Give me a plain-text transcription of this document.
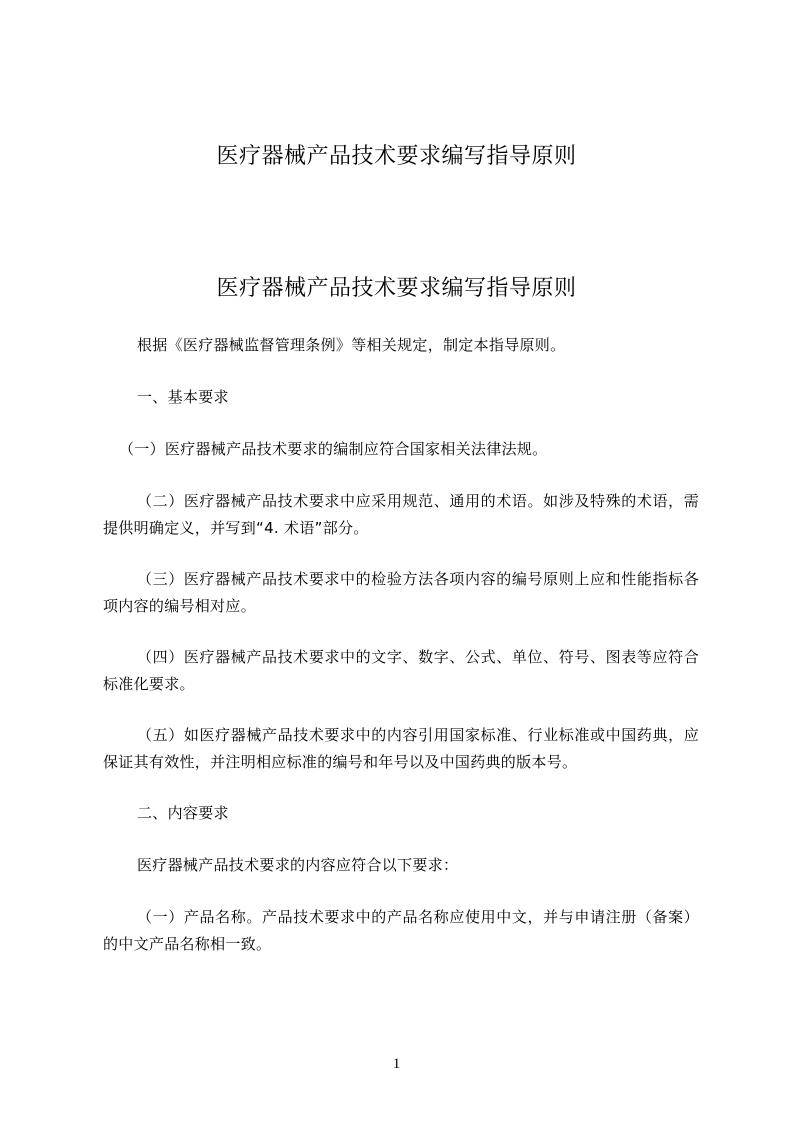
医疗器械产品技术要求编写指导原则
医疗器械产品技术要求编写指导原则

根据《医疗器械监督管理条例》等相关规定，制定本指导原则。

一、基本要求

（一）医疗器械产品技术要求的编制应符合国家相关法律法规。

（二）医疗器械产品技术要求中应采用规范、通用的术语。如涉及特殊的术语，需提供明确定义，并写到“4. 术语”部分。

（三）医疗器械产品技术要求中的检验方法各项内容的编号原则上应和性能指标各项内容的编号相对应。

（四）医疗器械产品技术要求中的文字、数字、公式、单位、符号、图表等应符合标准化要求。

（五）如医疗器械产品技术要求中的内容引用国家标准、行业标准或中国药典，应保证其有效性，并注明相应标准的编号和年号以及中国药典的版本号。

二、内容要求

医疗器械产品技术要求的内容应符合以下要求：

（一）产品名称。产品技术要求中的产品名称应使用中文，并与申请注册（备案）的中文产品名称相一致。

1
